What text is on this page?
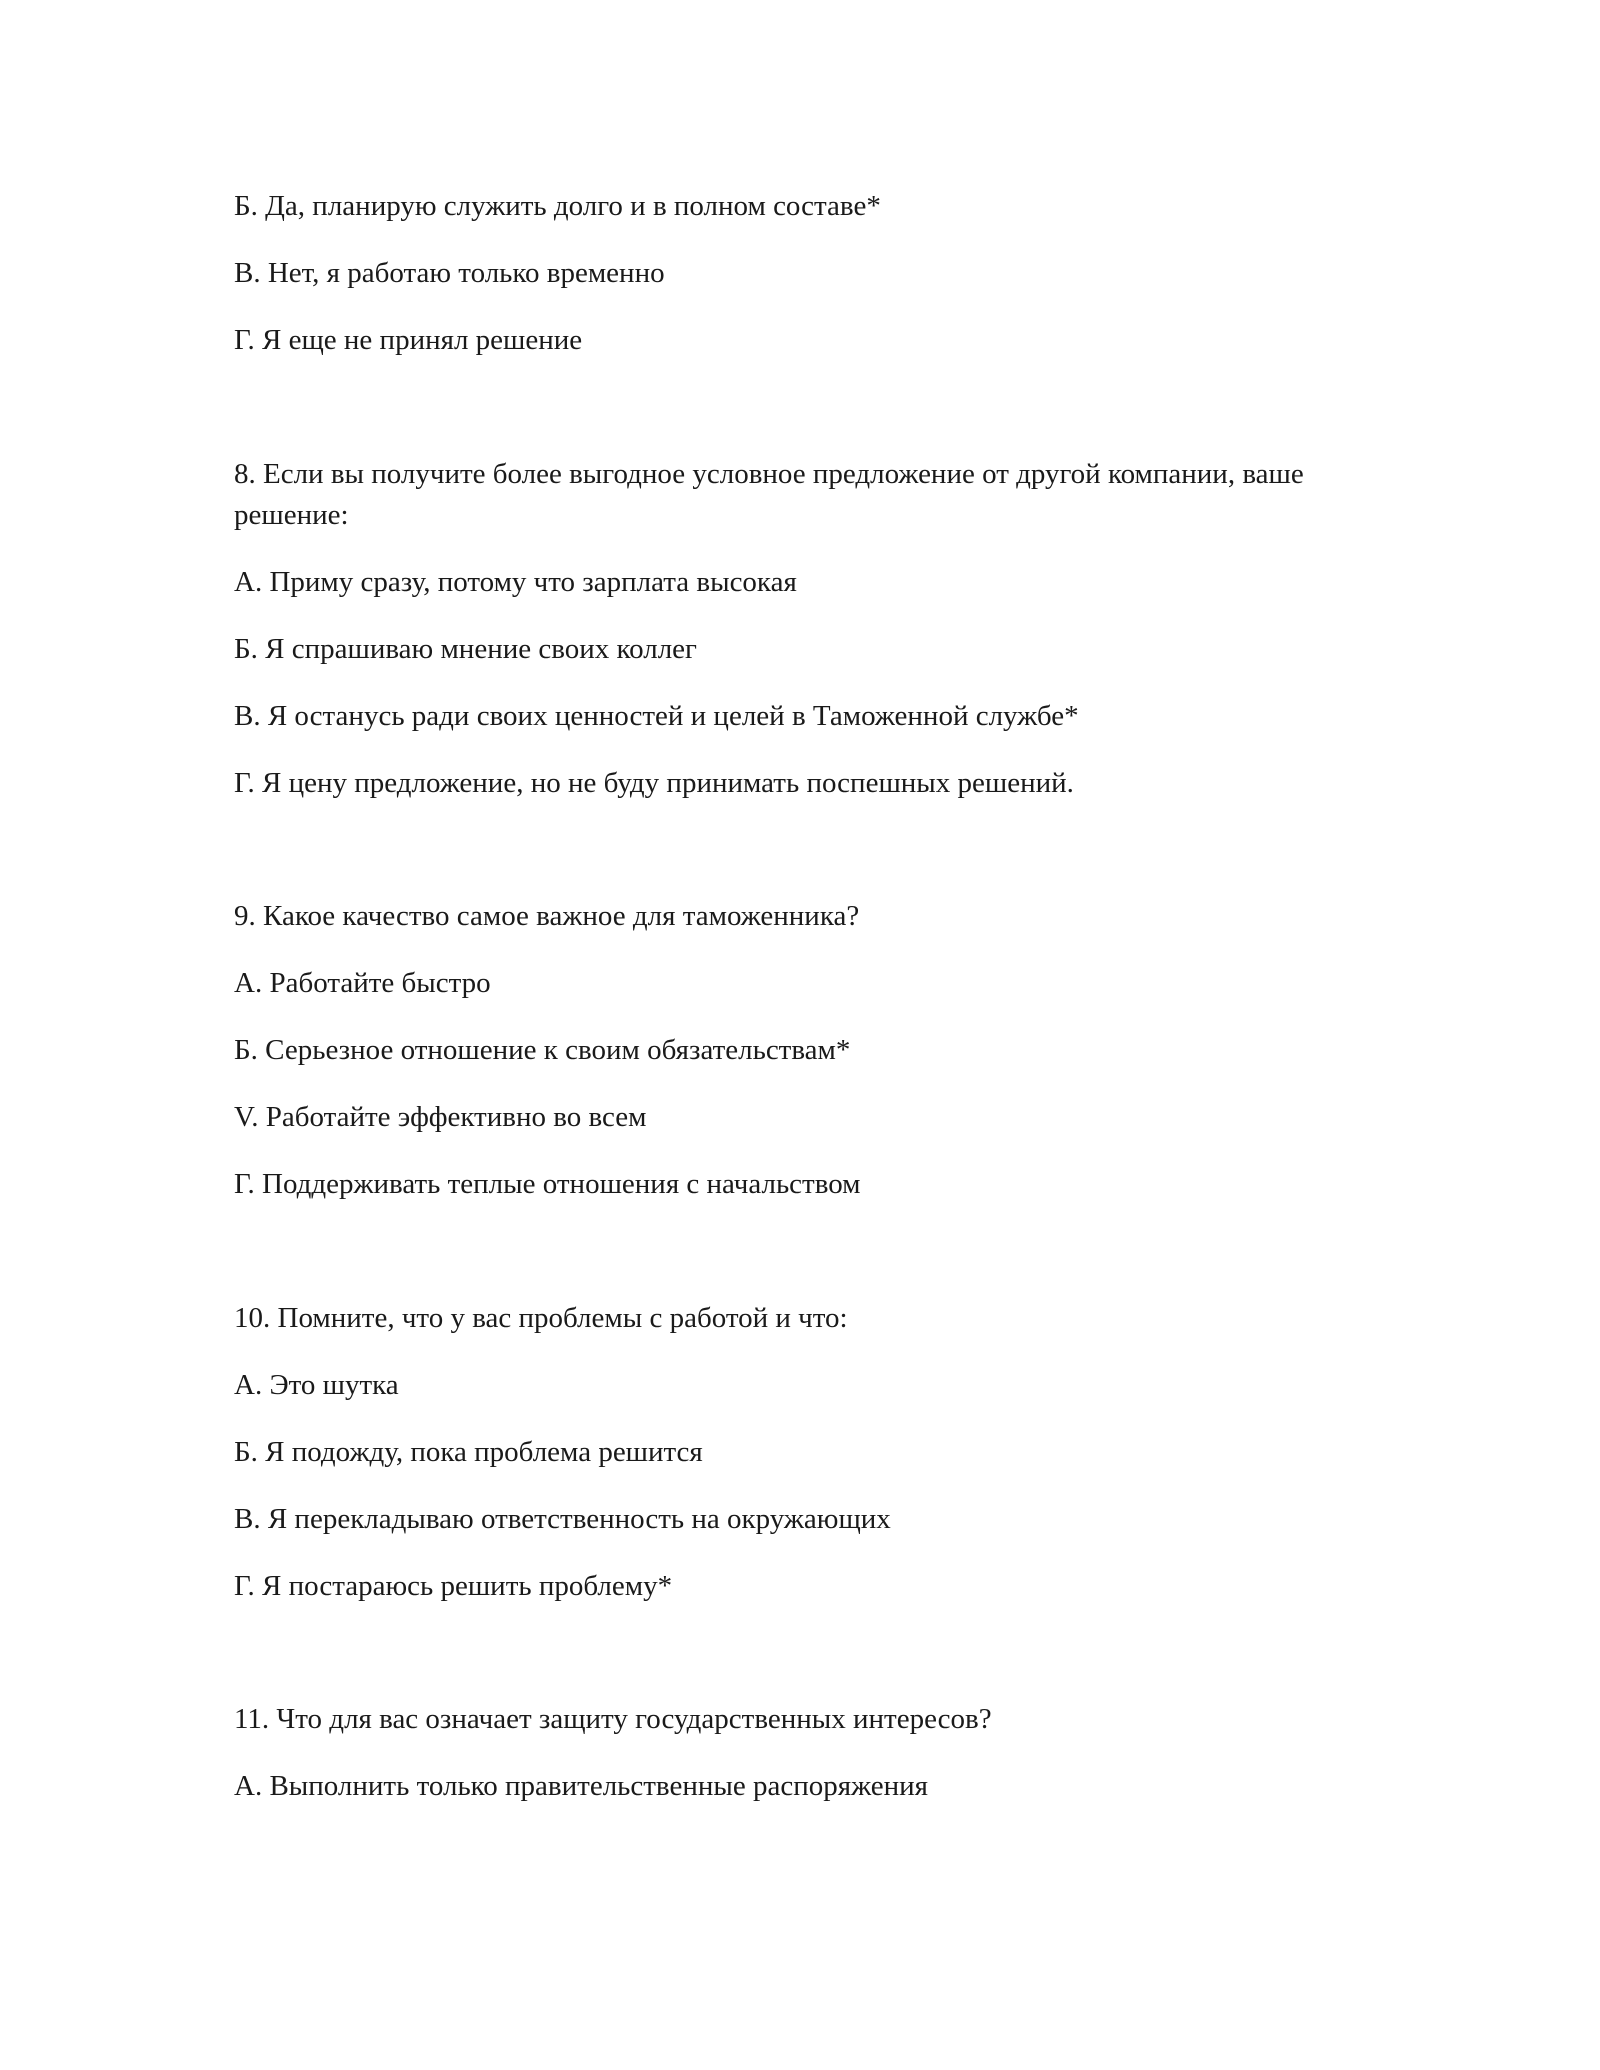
Б. Да, планирую служить долго и в полном составе*

В. Нет, я работаю только временно

Г. Я еще не принял решение

8. Если вы получите более выгодное условное предложение от другой компании, ваше решение:

А. Приму сразу, потому что зарплата высокая

Б. Я спрашиваю мнение своих коллег

В. Я останусь ради своих ценностей и целей в Таможенной службе*

Г. Я цену предложение, но не буду принимать поспешных решений.

9. Какое качество самое важное для таможенника?

А. Работайте быстро

Б. Серьезное отношение к своим обязательствам*

V. Работайте эффективно во всем

Г. Поддерживать теплые отношения с начальством

10. Помните, что у вас проблемы с работой и что:

А. Это шутка

Б. Я подожду, пока проблема решится

В. Я перекладываю ответственность на окружающих

Г. Я постараюсь решить проблему*

11. Что для вас означает защиту государственных интересов?

А. Выполнить только правительственные распоряжения
